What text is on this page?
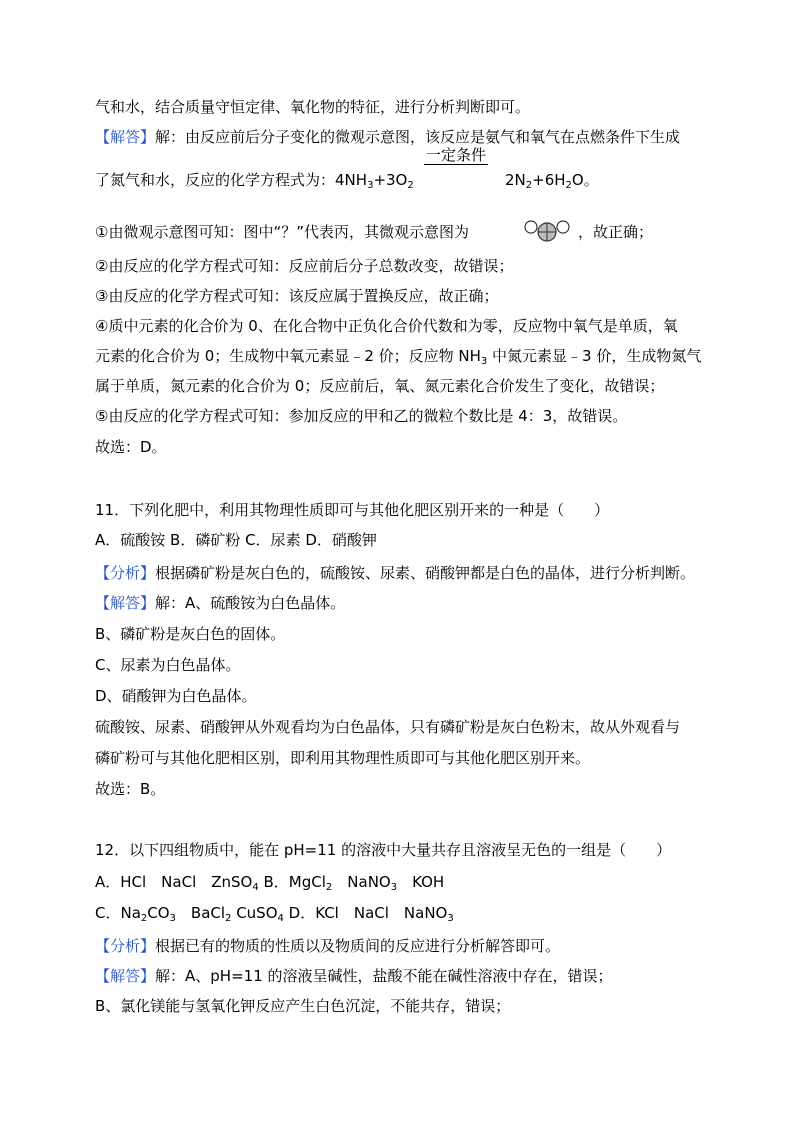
气和水，结合质量守恒定律、氧化物的特征，进行分析判断即可。
【解答】解：由反应前后分子变化的微观示意图，该反应是氨气和氧气在点燃条件下生成
一定条件
了氮气和水，反应的化学方程式为：$4NH_3+3O_2$	$2N_2+6H_2O$。
①由微观示意图可知：图中“？”代表丙，其微观示意图为	，故正确；
②由反应的化学方程式可知：反应前后分子总数改变，故错误；
③由反应的化学方程式可知：该反应属于置换反应，故正确；
④质中元素的化合价为 0、在化合物中正负化合价代数和为零，反应物中氧气是单质，氧
元素的化合价为 0；生成物中氧元素显﹣2 价；反应物 $NH_3$ 中氮元素显﹣3 价，生成物氮气
属于单质，氮元素的化合价为 0；反应前后，氧、氮元素化合价发生了变化，故错误；
⑤由反应的化学方程式可知：参加反应的甲和乙的微粒个数比是 4：3，故错误。
故选：D。
11．下列化肥中，利用其物理性质即可与其他化肥区别开来的一种是（　　）
A．硫酸铵 B．磷矿粉 C．尿素 D．硝酸钾
【分析】根据磷矿粉是灰白色的，硫酸铵、尿素、硝酸钾都是白色的晶体，进行分析判断。
【解答】解：A、硫酸铵为白色晶体。
B、磷矿粉是灰白色的固体。
C、尿素为白色晶体。
D、硝酸钾为白色晶体。
硫酸铵、尿素、硝酸钾从外观看均为白色晶体，只有磷矿粉是灰白色粉末，故从外观看与
磷矿粉可与其他化肥相区别，即利用其物理性质即可与其他化肥区别开来。
故选：B。
12．以下四组物质中，能在 pH=11 的溶液中大量共存且溶液呈无色的一组是（　　）
A．HCl　NaCl　ZnSO$_4$ B．MgCl$_2$　NaNO$_3$　KOH
C．$Na_2CO_3$　BaCl$_2$ CuSO$_4$ D．KCl　NaCl　NaNO$_3$
【分析】根据已有的物质的性质以及物质间的反应进行分析解答即可。
【解答】解：A、pH=11 的溶液呈碱性，盐酸不能在碱性溶液中存在，错误；
B、氯化镁能与氢氧化钾反应产生白色沉淀，不能共存，错误；
